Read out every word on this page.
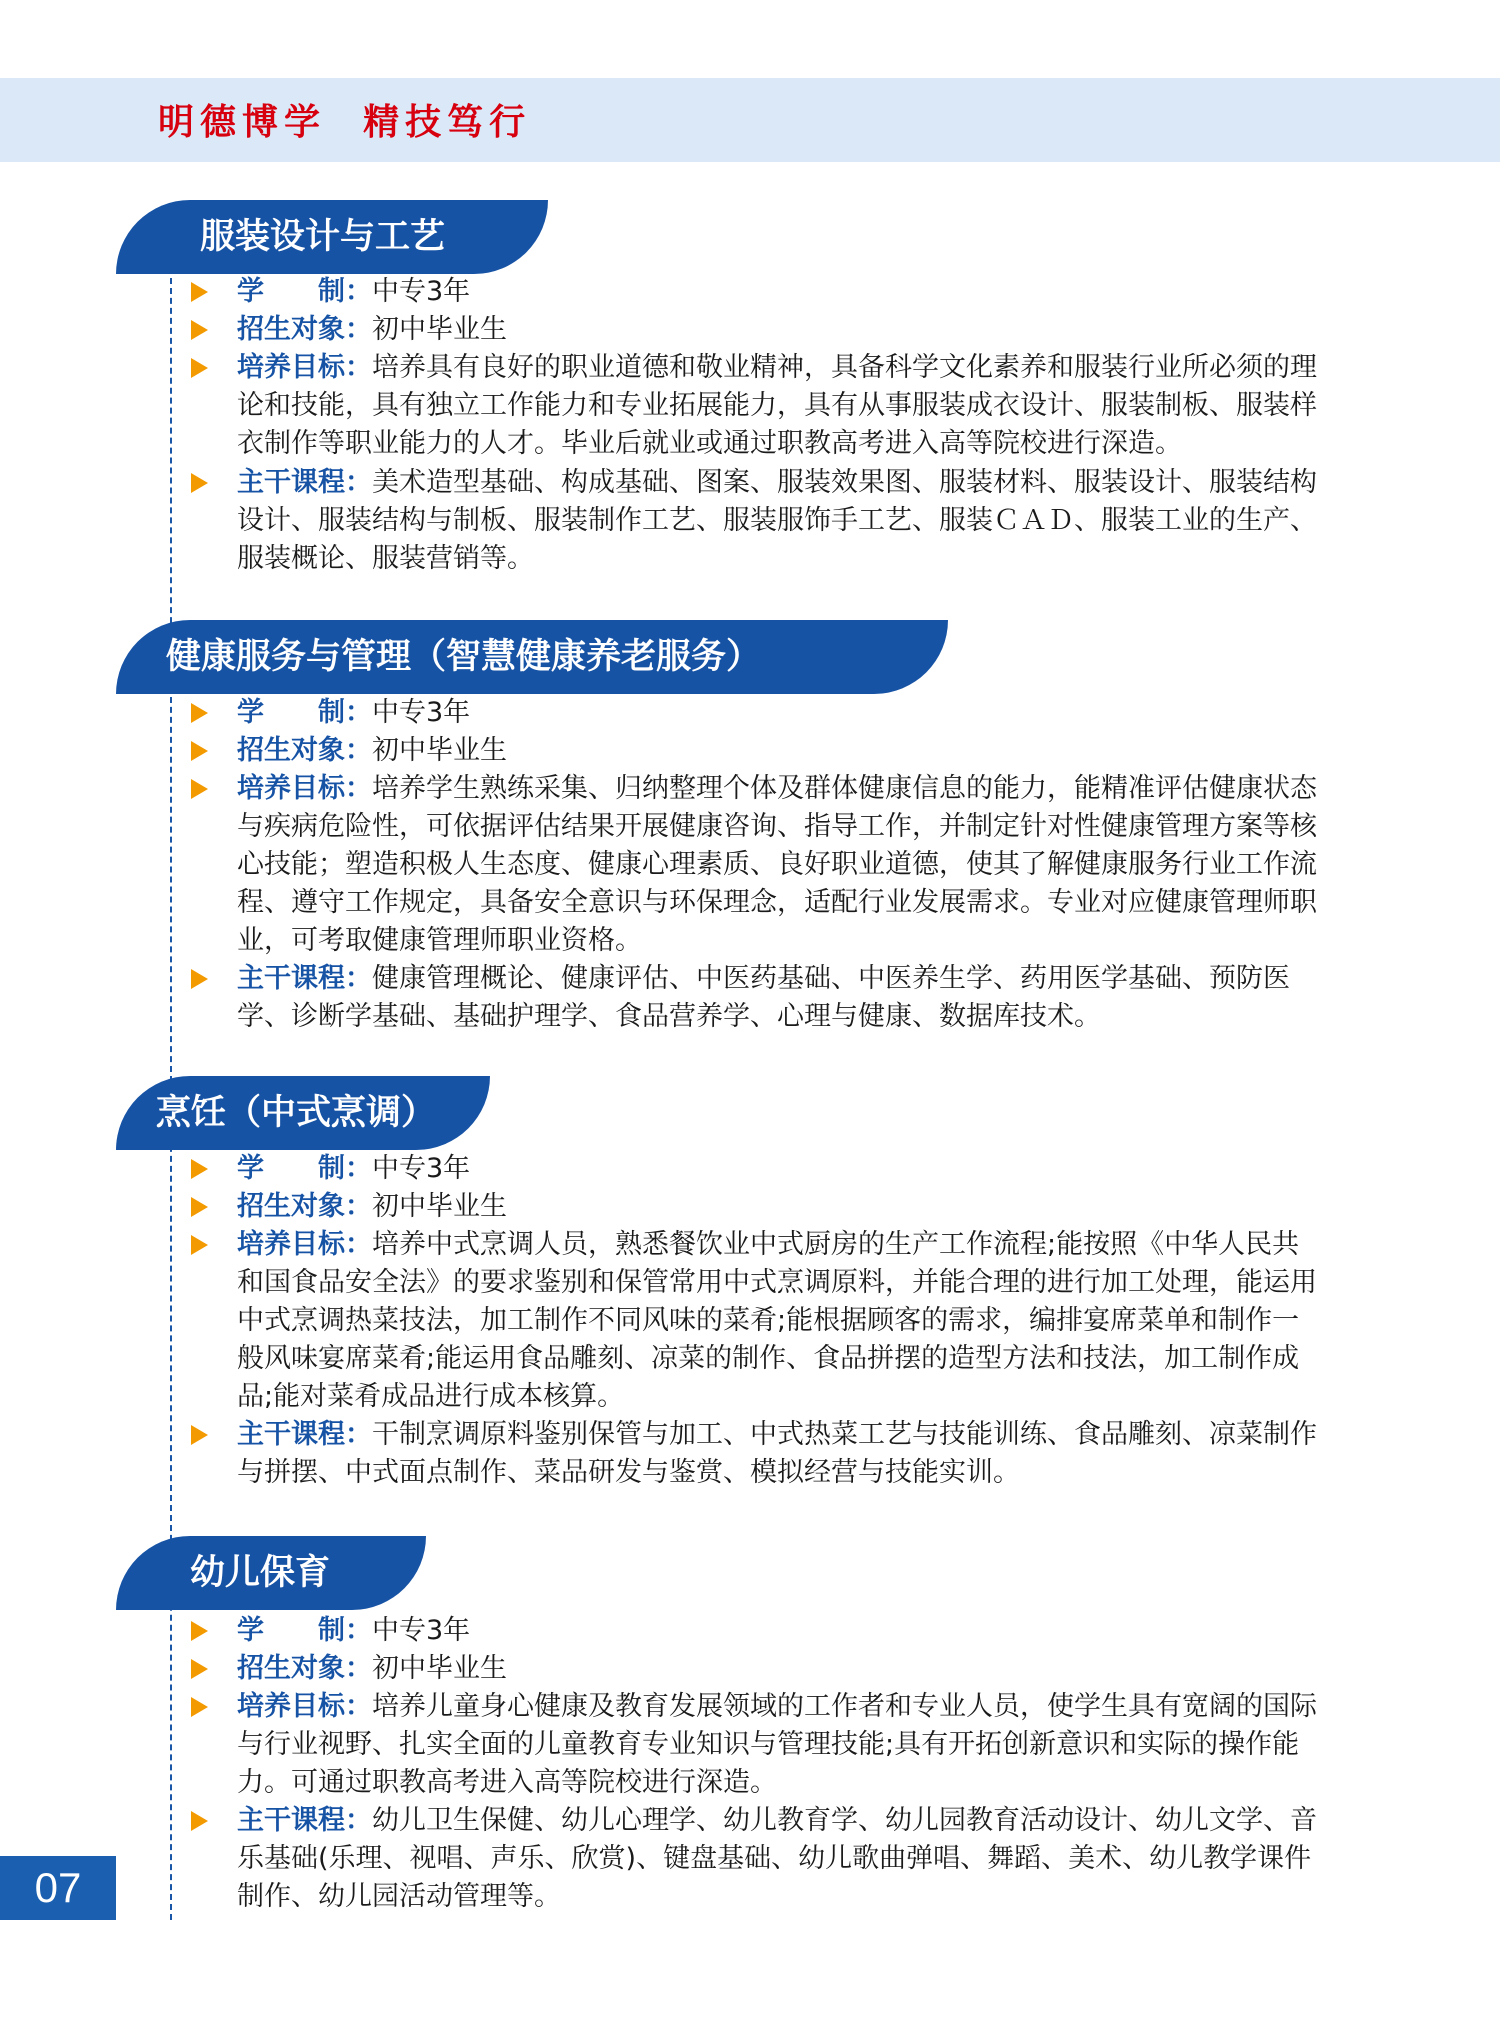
明德博学  精技笃行
服装设计与工艺
学　　制：中专3年
招生对象：初中毕业生
培养目标：培养具有良好的职业道德和敬业精神，具备科学文化素养和服装行业所必须的理论和技能，具有独立工作能力和专业拓展能力，具有从事服装成衣设计、服装制板、服装样衣制作等职业能力的人才。毕业后就业或通过职教高考进入高等院校进行深造。
主干课程：美术造型基础、构成基础、图案、服装效果图、服装材料、服装设计、服装结构设计、服装结构与制板、服装制作工艺、服装服饰手工艺、服装ＣＡＤ、服装工业的生产、服装概论、服装营销等。
健康服务与管理（智慧健康养老服务）
学　　制：中专3年
招生对象：初中毕业生
培养目标：培养学生熟练采集、归纳整理个体及群体健康信息的能力，能精准评估健康状态与疾病危险性，可依据评估结果开展健康咨询、指导工作，并制定针对性健康管理方案等核心技能；塑造积极人生态度、健康心理素质、良好职业道德，使其了解健康服务行业工作流程、遵守工作规定，具备安全意识与环保理念，适配行业发展需求。专业对应健康管理师职业，可考取健康管理师职业资格。
主干课程：健康管理概论、健康评估、中医药基础、中医养生学、药用医学基础、预防医学、诊断学基础、基础护理学、食品营养学、心理与健康、数据库技术。
烹饪（中式烹调）
学　　制：中专3年
招生对象：初中毕业生
培养目标：培养中式烹调人员，熟悉餐饮业中式厨房的生产工作流程;能按照《中华人民共和国食品安全法》的要求鉴别和保管常用中式烹调原料，并能合理的进行加工处理，能运用中式烹调热菜技法，加工制作不同风味的菜肴;能根据顾客的需求，编排宴席菜单和制作一般风味宴席菜肴;能运用食品雕刻、凉菜的制作、食品拼摆的造型方法和技法，加工制作成品;能对菜肴成品进行成本核算。
主干课程：干制烹调原料鉴别保管与加工、中式热菜工艺与技能训练、食品雕刻、凉菜制作与拼摆、中式面点制作、菜品研发与鉴赏、模拟经营与技能实训。
幼儿保育
学　　制：中专3年
招生对象：初中毕业生
培养目标：培养儿童身心健康及教育发展领域的工作者和专业人员，使学生具有宽阔的国际与行业视野、扎实全面的儿童教育专业知识与管理技能;具有开拓创新意识和实际的操作能力。可通过职教高考进入高等院校进行深造。
主干课程：幼儿卫生保健、幼儿心理学、幼儿教育学、幼儿园教育活动设计、幼儿文学、音乐基础(乐理、视唱、声乐、欣赏)、键盘基础、幼儿歌曲弹唱、舞蹈、美术、幼儿教学课件制作、幼儿园活动管理等。
07
